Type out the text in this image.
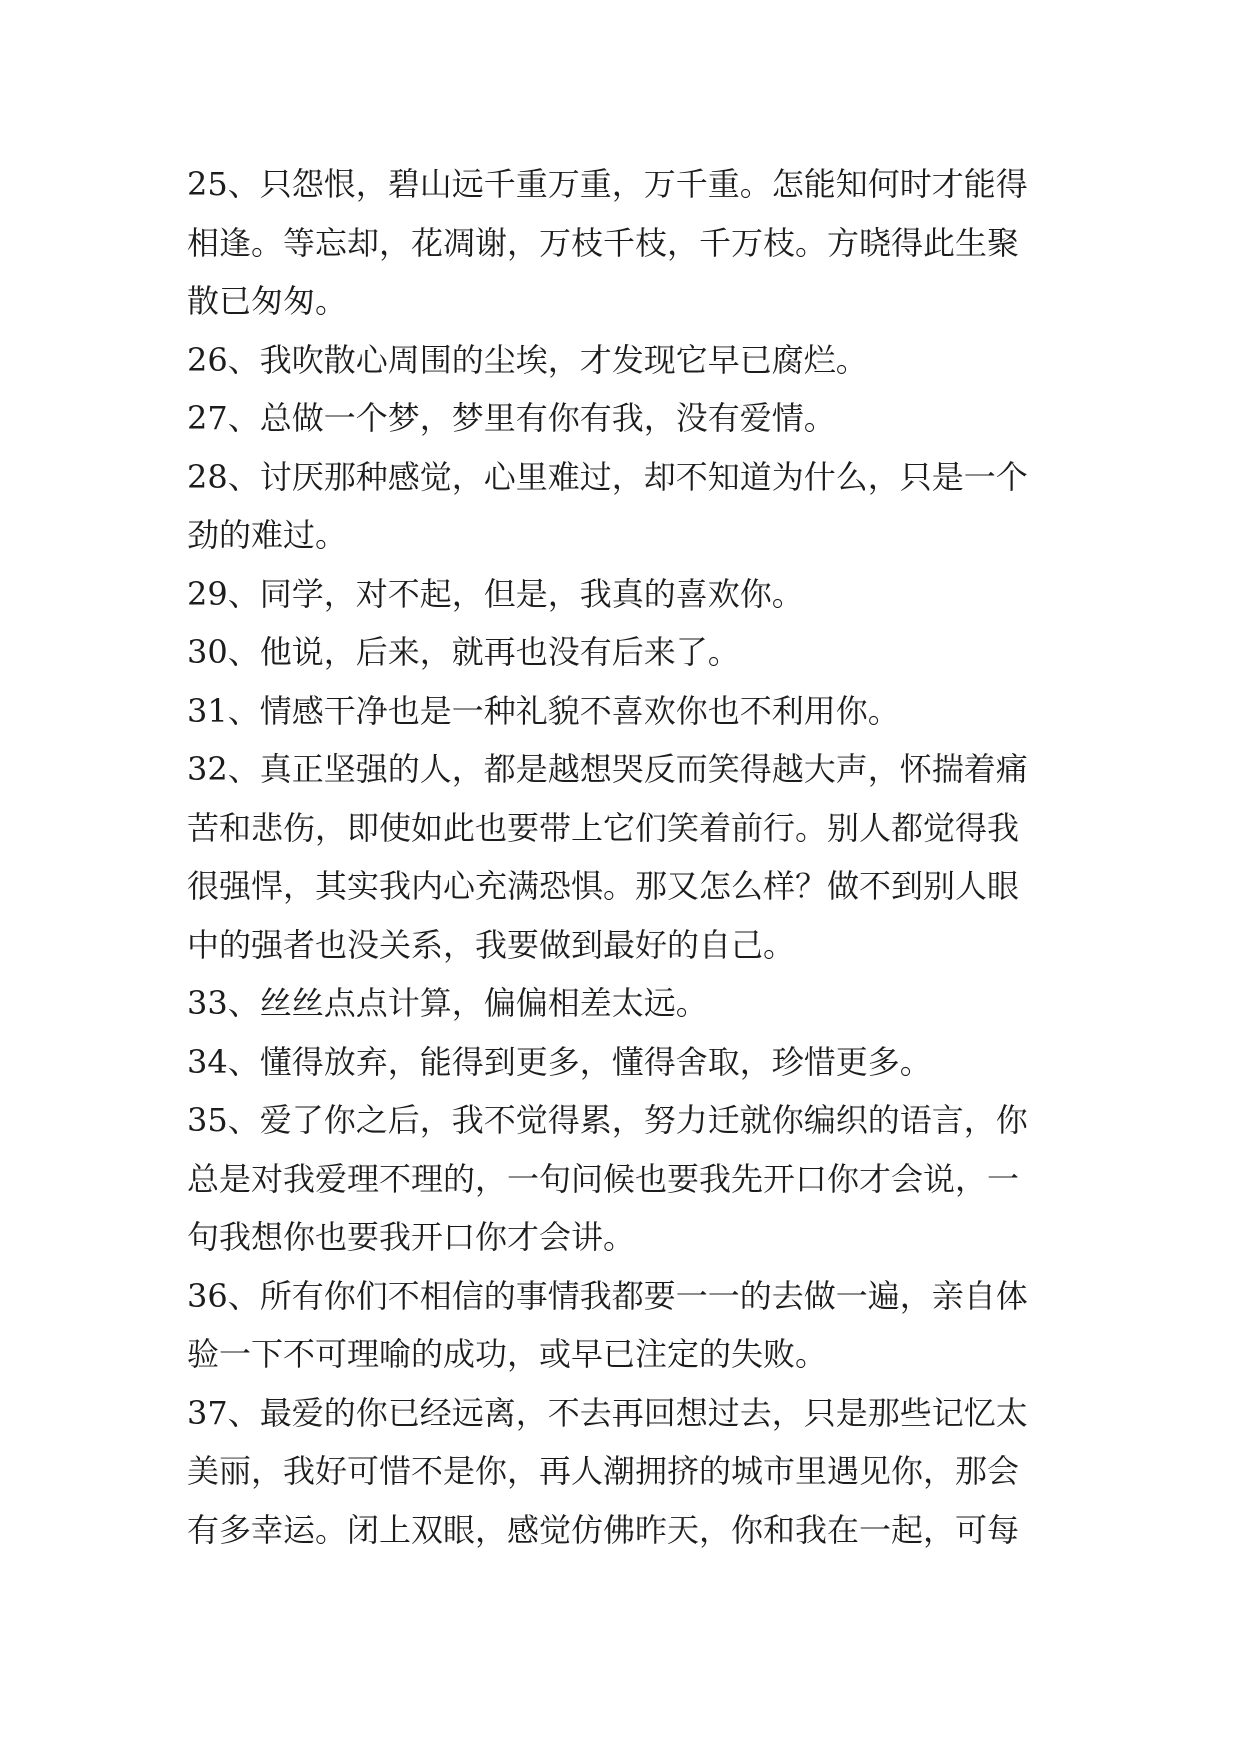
25、只怨恨，碧山远千重万重，万千重。怎能知何时才能得
相逢。等忘却，花凋谢，万枝千枝，千万枝。方晓得此生聚
散已匆匆。
26、我吹散心周围的尘埃，才发现它早已腐烂。
27、总做一个梦，梦里有你有我，没有爱情。
28、讨厌那种感觉，心里难过，却不知道为什么，只是一个
劲的难过。
29、同学，对不起，但是，我真的喜欢你。
30、他说，后来，就再也没有后来了。
31、情感干净也是一种礼貌不喜欢你也不利用你。
32、真正坚强的人，都是越想哭反而笑得越大声，怀揣着痛
苦和悲伤，即使如此也要带上它们笑着前行。别人都觉得我
很强悍，其实我内心充满恐惧。那又怎么样？做不到别人眼
中的强者也没关系，我要做到最好的自己。
33、丝丝点点计算，偏偏相差太远。
34、懂得放弃，能得到更多，懂得舍取，珍惜更多。
35、爱了你之后，我不觉得累，努力迁就你编织的语言，你
总是对我爱理不理的，一句问候也要我先开口你才会说，一
句我想你也要我开口你才会讲。
36、所有你们不相信的事情我都要一一的去做一遍，亲自体
验一下不可理喻的成功，或早已注定的失败。
37、最爱的你已经远离，不去再回想过去，只是那些记忆太
美丽，我好可惜不是你，再人潮拥挤的城市里遇见你，那会
有多幸运。闭上双眼，感觉仿佛昨天，你和我在一起，可每
